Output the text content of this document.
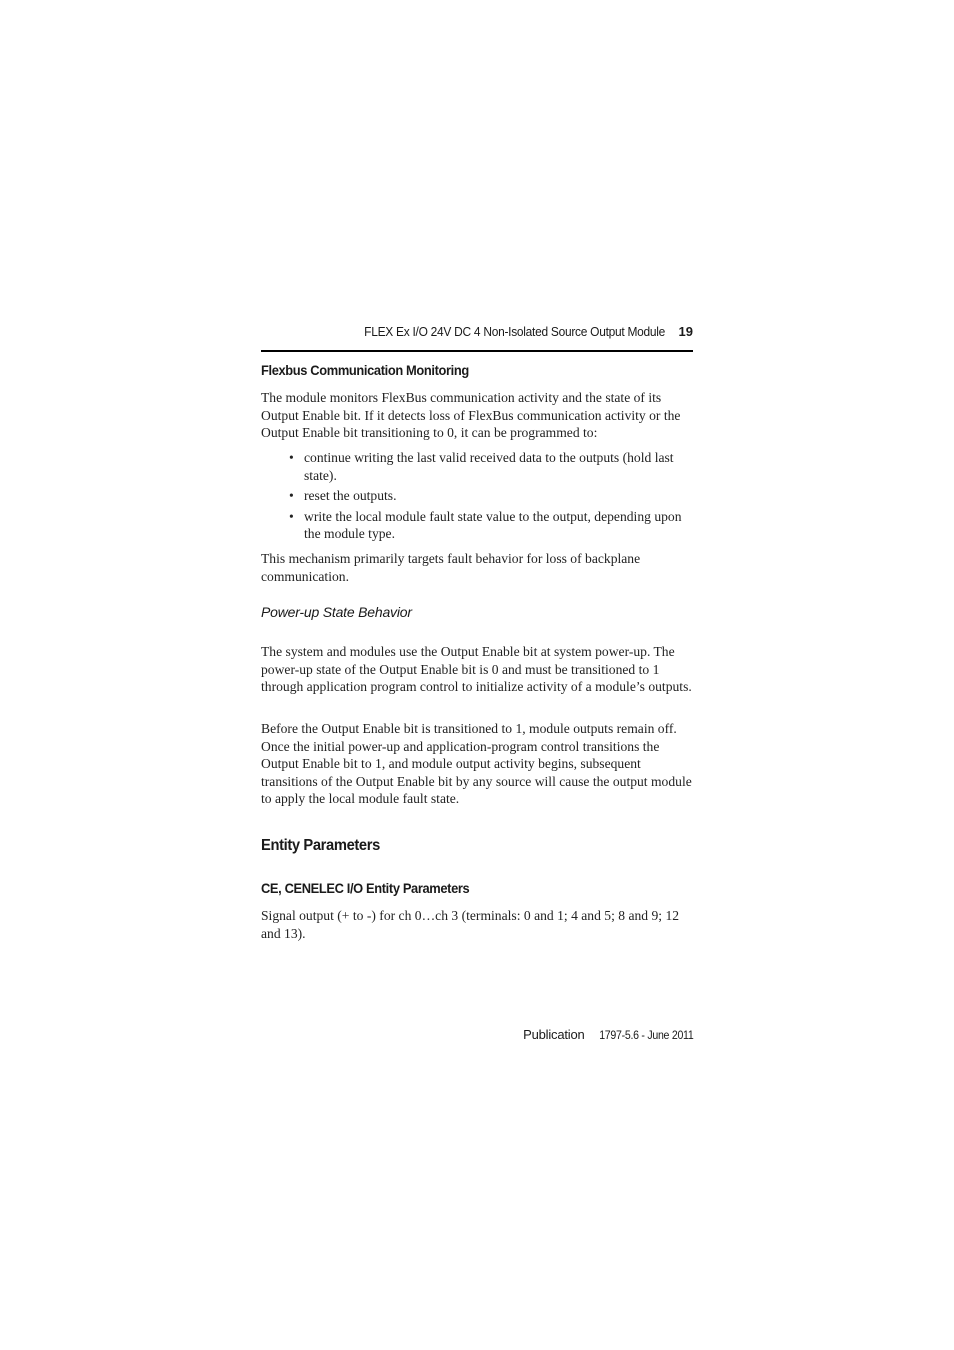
FLEX Ex I/O 24V DC 4 Non-Isolated Source Output Module 19
Flexbus Communication Monitoring

The module monitors FlexBus communication activity and the state of its Output Enable bit. If it detects loss of FlexBus communication activity or the Output Enable bit transitioning to 0, it can be programmed to:

• continue writing the last valid received data to the outputs (hold last state).
• reset the outputs.
• write the local module fault state value to the output, depending upon the module type.

This mechanism primarily targets fault behavior for loss of backplane communication.

Power-up State Behavior

The system and modules use the Output Enable bit at system power-up. The power-up state of the Output Enable bit is 0 and must be transitioned to 1 through application program control to initialize activity of a module’s outputs.

Before the Output Enable bit is transitioned to 1, module outputs remain off. Once the initial power-up and application-program control transitions the Output Enable bit to 1, and module output activity begins, subsequent transitions of the Output Enable bit by any source will cause the output module to apply the local module fault state.

Entity Parameters
CE, CENELEC I/O Entity Parameters

Signal output (+ to -) for ch 0…ch 3 (terminals: 0 and 1; 4 and 5; 8 and 9; 12 and 13).

Publication 1797-5.6 - June 2011
